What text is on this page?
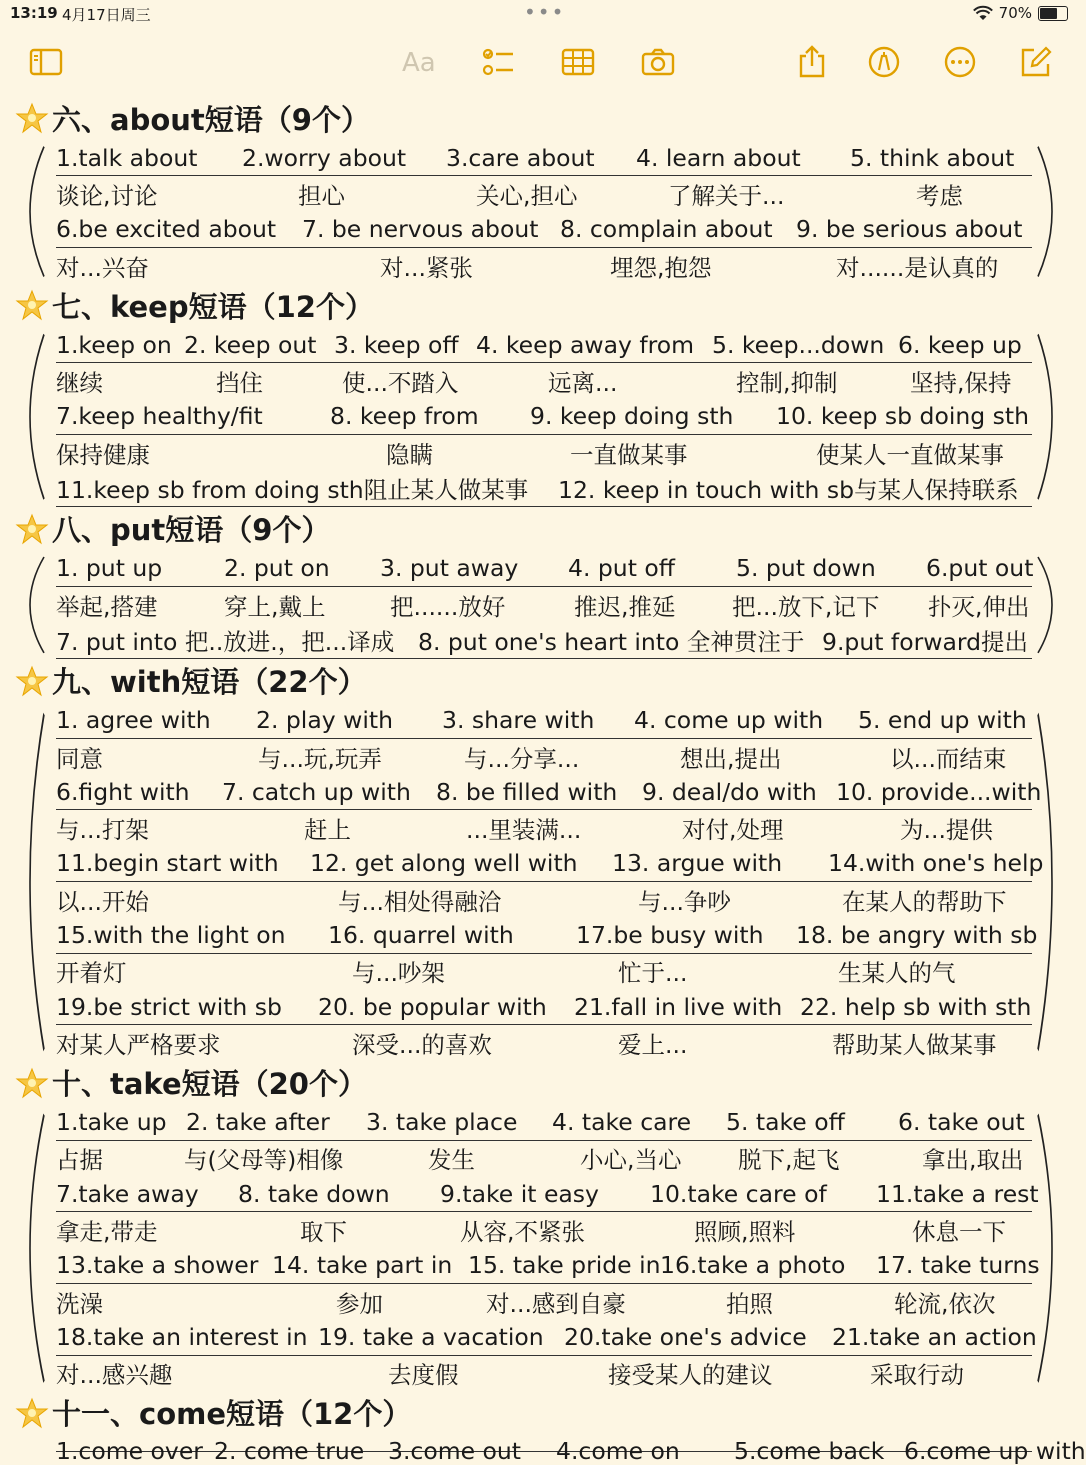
13:19 4月17日周三	•••	70%
Aa
六、about短语（9个）
1.talk about 2.worry about 3.care about 4. learn about 5. think about
谈论,讨论	担心	关心,担心	了解关于...	考虑
6.be excited about 7. be nervous about 8. complain about 9. be serious about
对...兴奋	对...紧张	埋怨,抱怨	对......是认真的
七、keep短语（12个）
1.keep on 2. keep out 3. keep off 4. keep away from 5. keep...down 6. keep up
继续	挡住	使...不踏入	远离...	控制,抑制	坚持,保持
7.keep healthy/fit	8. keep from 9. keep doing sth 10. keep sb doing sth
保持健康	隐瞒	一直做某事	使某人一直做某事
11.keep sb from doing sth阻止某人做某事 12. keep in touch with sb与某人保持联系
八、put短语（9个）
1. put up	2. put on 3. put away 4. put off	5. put down 6.put out
举起,搭建	穿上,戴上	把......放好	推迟,推延 把...放下,记下 扑灭,伸出
7. put into 把..放进.，把...译成 8. put one's heart into 全神贯注于 9.put forward提出
九、with短语（22个）
1. agree with 2. play with 3. share with 4. come up with 5. end up with
同意	与...玩,玩弄	与...分享...	想出,提出	以...而结束
6.fight with 7. catch up with 8. be filled with 9. deal/do with 10. provide...with
与...打架	赶上	...里装满...	对付,处理	为...提供
11.begin start with 12. get along well with 13. argue with 14.with one's help
以...开始	与...相处得融洽	与...争吵	在某人的帮助下
15.with the light on 16. quarrel with	17.be busy with 18. be angry with sb
开着灯	与...吵架	忙于...	生某人的气
19.be strict with sb 20. be popular with 21.fall in live with 22. help sb with sth
对某人严格要求	深受...的喜欢	爱上...	帮助某人做某事
十、take短语（20个）
1.take up 2. take after 3. take place 4. take care 5. take off 6. take out
占据	与(父母等)相像	发生	小心,当心 脱下,起飞	拿出,取出
7.take away 8. take down 9.take it easy 10.take care of 11.take a rest
拿走,带走	取下	从容,不紧张	照顾,照料	休息一下
13.take a shower 14. take part in 15. take pride in 16.take a photo 17. take turns
洗澡	参加	对...感到自豪	拍照	轮流,依次
18.take an interest in 19. take a vacation 20.take one's advice 21.take an action
对...感兴趣	去度假	接受某人的建议	采取行动
十一、come短语（12个）
1.come over 2. come true 3.come out 4.come on 5.come back 6.come up with
